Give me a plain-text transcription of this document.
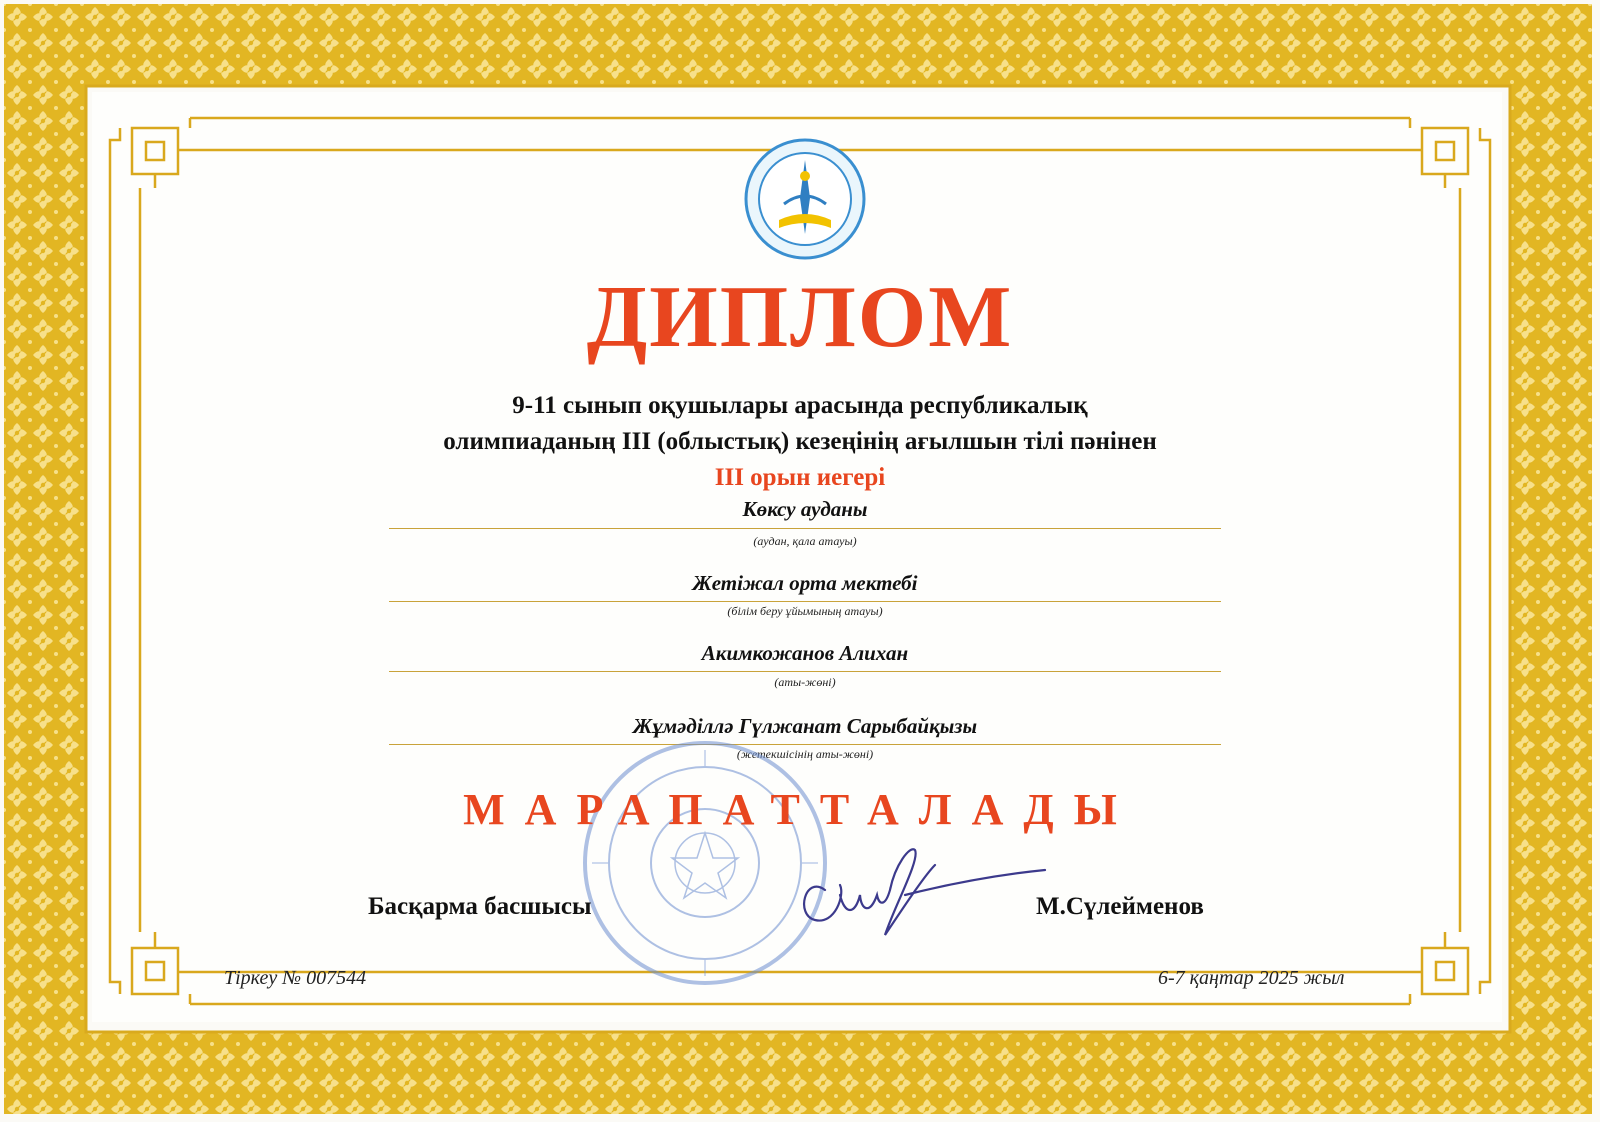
ДИПЛОМ
9-11 сынып оқушылары арасында республикалық
олимпиаданың ІІІ (облыстық) кезеңінің ағылшын тілі пәнінен
ІІІ орын иегері
Көксу ауданы
(аудан, қала атауы)
Жетіжал орта мектебі
(білім беру ұйымының атауы)
Акимкожанов Алихан
(аты-жөні)
Жұмәділлә Гүлжанат Сарыбайқызы
(жетекшісінің аты-жөні)
МАРАПАТТАЛАДЫ
Басқарма басшысы	М.Сүлейменов
Тіркеу № 007544	6-7 қаңтар 2025 жыл
